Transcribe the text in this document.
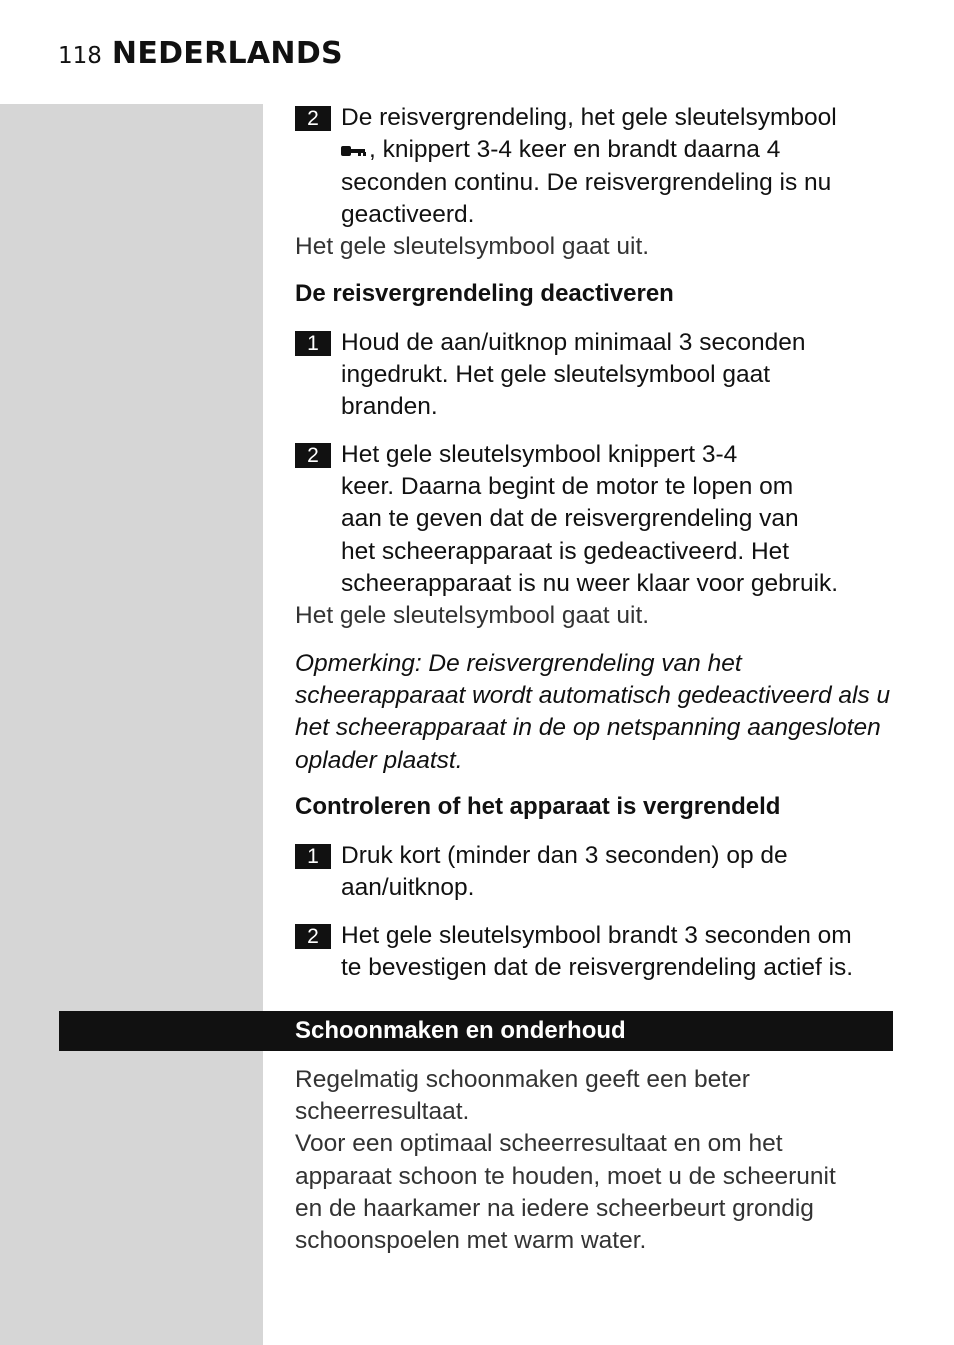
118 NEDERLANDS
2 De reisvergrendeling, het gele sleutelsymbool
, knippert 3-4 keer en brandt daarna 4
seconden continu. De reisvergrendeling is nu
geactiveerd.
Het gele sleutelsymbool gaat uit.
De reisvergrendeling deactiveren
1 Houd de aan/uitknop minimaal 3 seconden
ingedrukt. Het gele sleutelsymbool gaat
branden.
2 Het gele sleutelsymbool knippert 3-4
keer. Daarna begint de motor te lopen om
aan te geven dat de reisvergrendeling van
het scheerapparaat is gedeactiveerd. Het
scheerapparaat is nu weer klaar voor gebruik.
Het gele sleutelsymbool gaat uit.
Opmerking: De reisvergrendeling van het
scheerapparaat wordt automatisch gedeactiveerd als u
het scheerapparaat in de op netspanning aangesloten
oplader plaatst.
Controleren of het apparaat is vergrendeld
1 Druk kort (minder dan 3 seconden) op de
aan/uitknop.
2 Het gele sleutelsymbool brandt 3 seconden om
te bevestigen dat de reisvergrendeling actief is.
Schoonmaken en onderhoud
Regelmatig schoonmaken geeft een beter
scheerresultaat.
Voor een optimaal scheerresultaat en om het
apparaat schoon te houden, moet u de scheerunit
en de haarkamer na iedere scheerbeurt grondig
schoonspoelen met warm water.
